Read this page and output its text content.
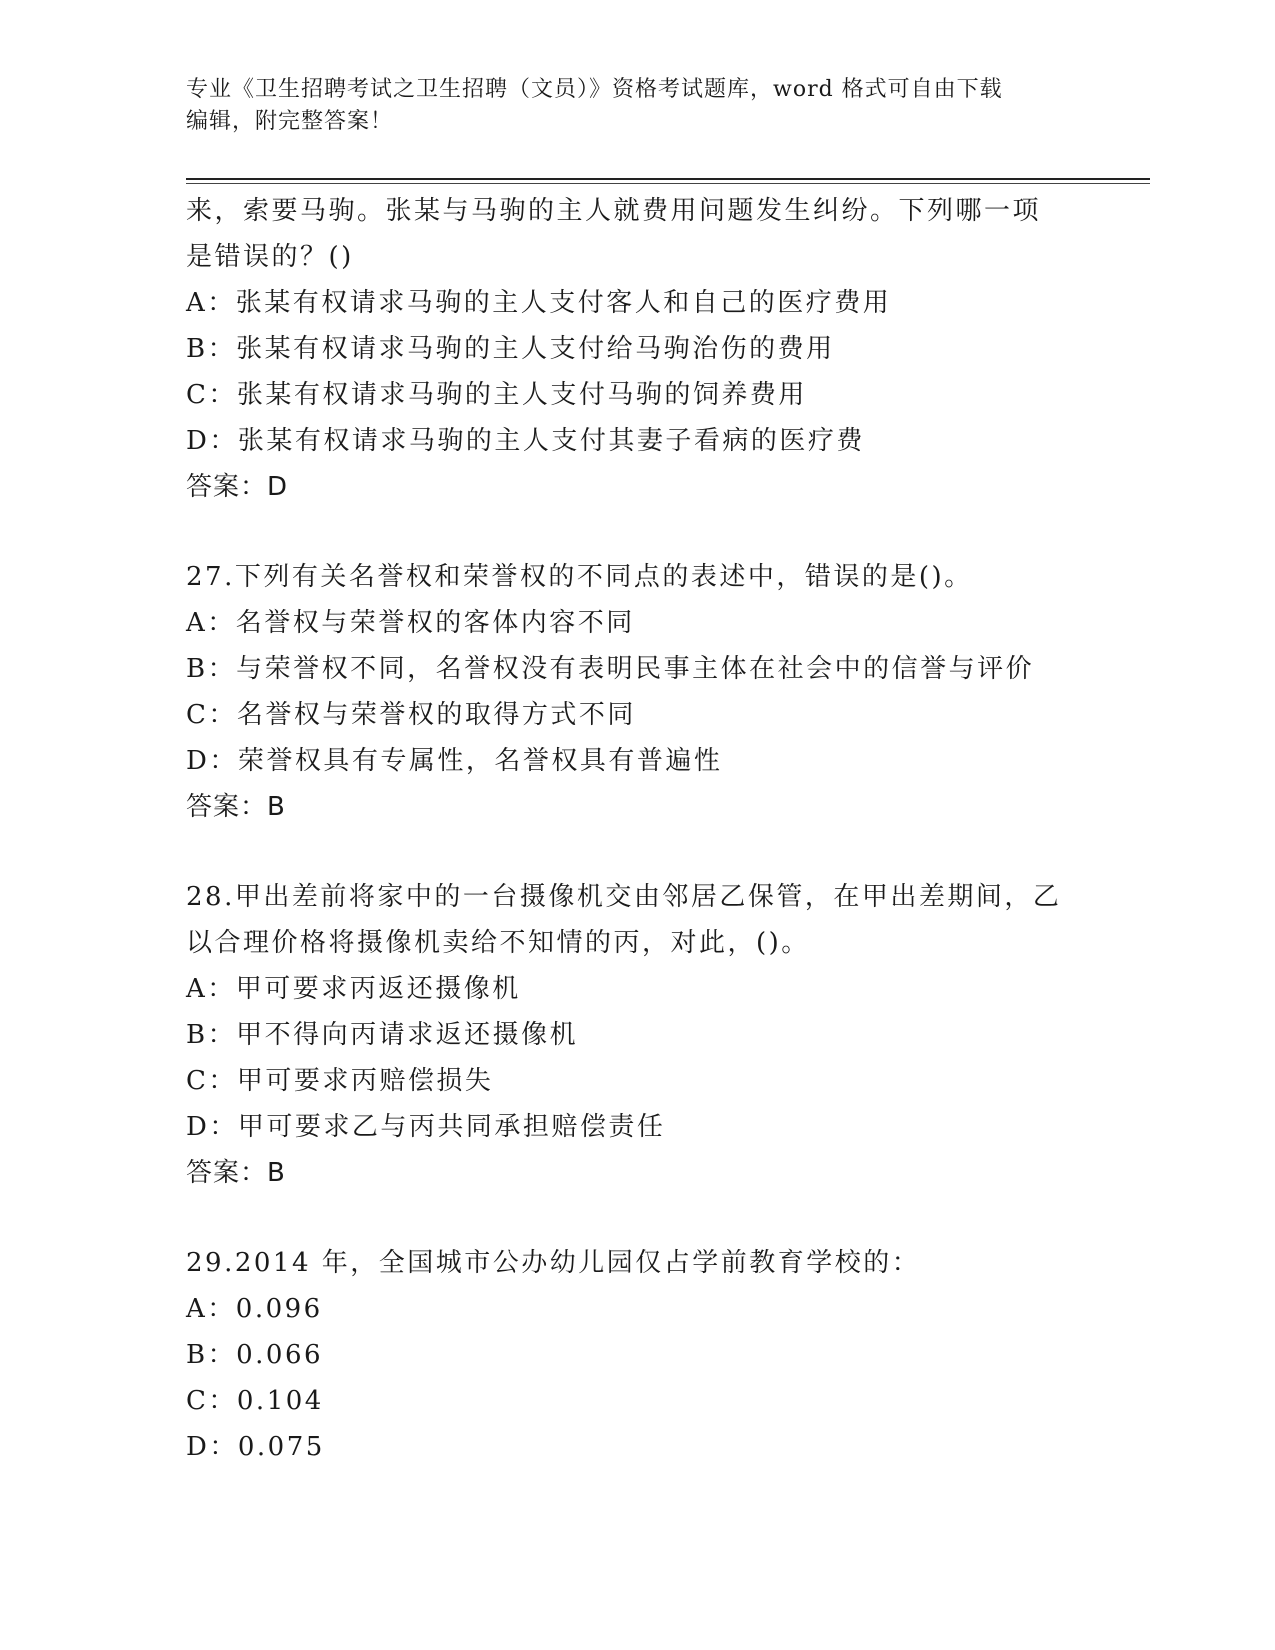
专业《卫生招聘考试之卫生招聘（文员）》资格考试题库，word 格式可自由下载
编辑，附完整答案！
来，索要马驹。张某与马驹的主人就费用问题发生纠纷。下列哪一项
是错误的？()
A：张某有权请求马驹的主人支付客人和自己的医疗费用
B：张某有权请求马驹的主人支付给马驹治伤的费用
C：张某有权请求马驹的主人支付马驹的饲养费用
D：张某有权请求马驹的主人支付其妻子看病的医疗费
答案：D
27.下列有关名誉权和荣誉权的不同点的表述中，错误的是()。
A：名誉权与荣誉权的客体内容不同
B：与荣誉权不同，名誉权没有表明民事主体在社会中的信誉与评价
C：名誉权与荣誉权的取得方式不同
D：荣誉权具有专属性，名誉权具有普遍性
答案：B
28.甲出差前将家中的一台摄像机交由邻居乙保管，在甲出差期间，乙
以合理价格将摄像机卖给不知情的丙，对此，()。
A：甲可要求丙返还摄像机
B：甲不得向丙请求返还摄像机
C：甲可要求丙赔偿损失
D：甲可要求乙与丙共同承担赔偿责任
答案：B
29.2014 年，全国城市公办幼儿园仅占学前教育学校的：
A：0.096
B：0.066
C：0.104
D：0.075
